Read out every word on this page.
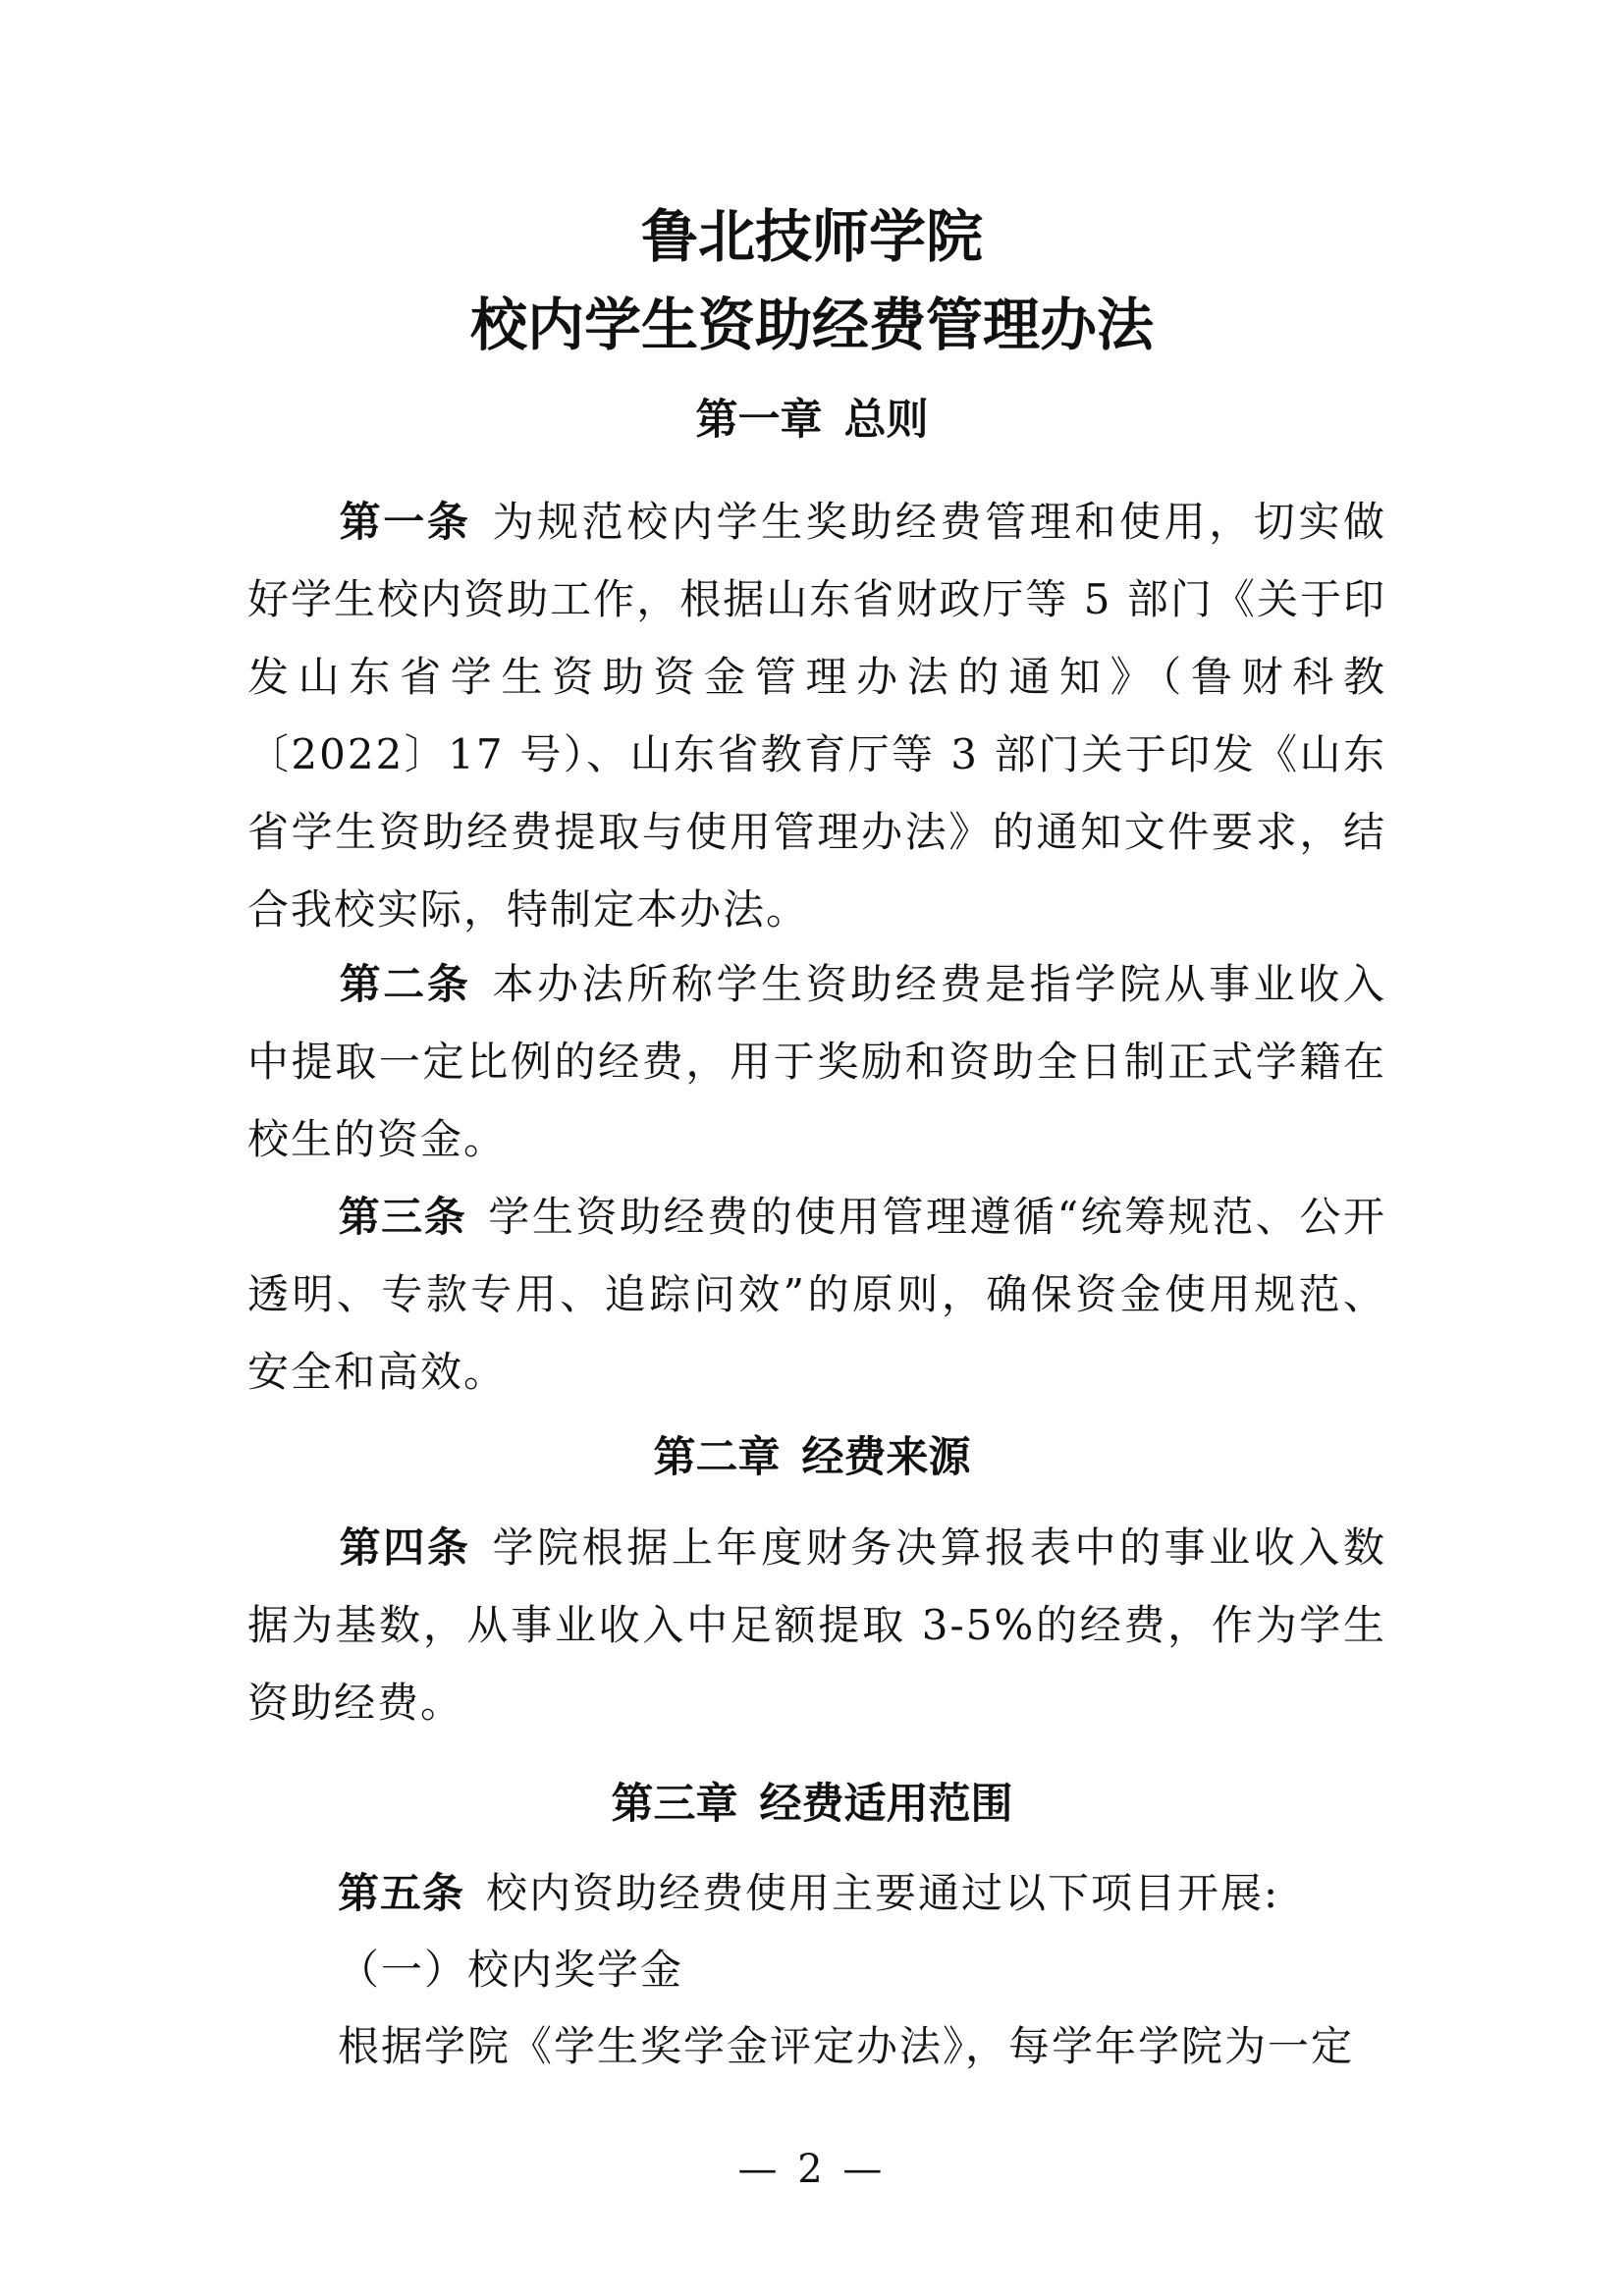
鲁北技师学院
校内学生资助经费管理办法
第一章 总则
第一条 为规范校内学生奖助经费管理和使用，切实做好学生校内资助工作，根据山东省财政厅等 5 部门《关于印发山东省学生资助资金管理办法的通知》（鲁财科教〔2022〕17 号）、山东省教育厅等 3 部门关于印发《山东省学生资助经费提取与使用管理办法》的通知文件要求，结合我校实际，特制定本办法。
第二条 本办法所称学生资助经费是指学院从事业收入中提取一定比例的经费，用于奖励和资助全日制正式学籍在校生的资金。
第三条 学生资助经费的使用管理遵循“统筹规范、公开透明、专款专用、追踪问效”的原则，确保资金使用规范、安全和高效。
第二章 经费来源
第四条 学院根据上年度财务决算报表中的事业收入数据为基数，从事业收入中足额提取 3-5%的经费，作为学生资助经费。
第三章 经费适用范围
第五条 校内资助经费使用主要通过以下项目开展:
（一）校内奖学金
根据学院《学生奖学金评定办法》，每学年学院为一定
— 2 —
